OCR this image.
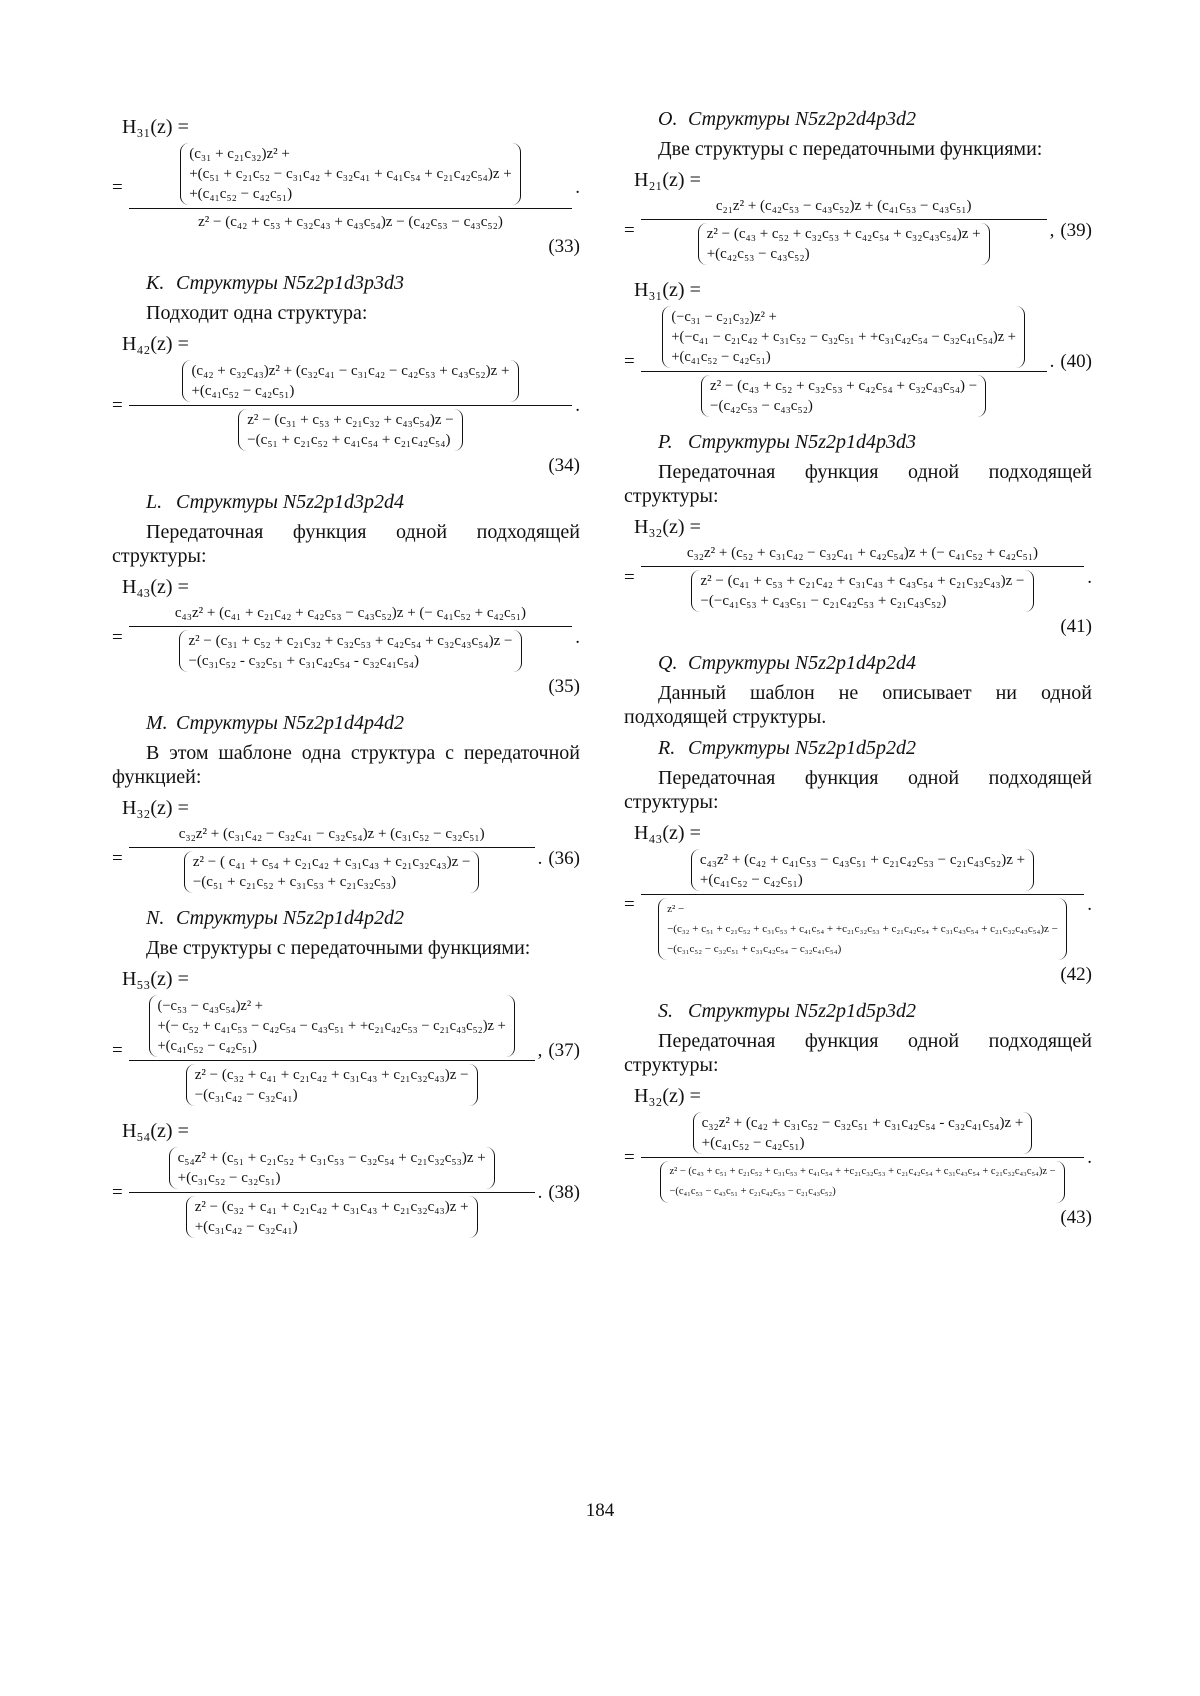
H₃₁(z) =
=
(c₃₁ + c₂₁c₃₂)z² +
+(c₅₁ + c₂₁c₅₂ − c₃₁c₄₂ + c₃₂c₄₁ + c₄₁c₅₄ + c₂₁c₄₂c₅₄)z +
+(c₄₁c₅₂ − c₄₂c₅₁)
z² − (c₄₂ + c₅₃ + c₃₂c₄₃ + c₄₃c₅₄)z − (c₄₂c₅₃ − c₄₃c₅₂)
.
(33)
K. Структуры N5z2p1d3p3d3

Подходит одна структура:

H₄₂(z) =
=
(c₄₂ + c₃₂c₄₃)z² + (c₃₂c₄₁ − c₃₁c₄₂ − c₄₂c₅₃ + c₄₃c₅₂)z +
+(c₄₁c₅₂ − c₄₂c₅₁)
z² − (c₃₁ + c₅₃ + c₂₁c₃₂ + c₄₃c₅₄)z −
−(c₅₁ + c₂₁c₅₂ + c₄₁c₅₄ + c₂₁c₄₂c₅₄)
.
(34)
L. Структуры N5z2p1d3p2d4

Передаточная функция одной подходящей структуры:

H₄₃(z) =
=
c₄₃z² + (c₄₁ + c₂₁c₄₂ + c₄₂c₅₃ − c₄₃c₅₂)z + (− c₄₁c₅₂ + c₄₂c₅₁)
z² − (c₃₁ + c₅₂ + c₂₁c₃₂ + c₃₂c₅₃ + c₄₂c₅₄ + c₃₂c₄₃c₅₄)z −
−(c₃₁c₅₂ - c₃₂c₅₁ + c₃₁c₄₂c₅₄ - c₃₂c₄₁c₅₄)
.
(35)
M. Структуры N5z2p1d4p4d2

В этом шаблоне одна структура с передаточной функцией:

H₃₂(z) =
=
c₃₂z² + (c₃₁c₄₂ − c₃₂c₄₁ − c₃₂c₅₄)z + (c₃₁c₅₂ − c₃₂c₅₁)
z² − ( c₄₁ + c₅₄ + c₂₁c₄₂ + c₃₁c₄₃ + c₂₁c₃₂c₄₃)z −
−(c₅₁ + c₂₁c₅₂ + c₃₁c₅₃ + c₂₁c₃₂c₅₃)
. (36)
N. Структуры N5z2p1d4p2d2

Две структуры с передаточными функциями:

H₅₃(z) =
=
(−c₅₃ − c₄₃c₅₄)z² +
+(− c₅₂ + c₄₁c₅₃ − c₄₂c₅₄ − c₄₃c₅₁ + +c₂₁c₄₂c₅₃ − c₂₁c₄₃c₅₂)z +
+(c₄₁c₅₂ − c₄₂c₅₁)
z² − (c₃₂ + c₄₁ + c₂₁c₄₂ + c₃₁c₄₃ + c₂₁c₃₂c₄₃)z −
−(c₃₁c₄₂ − c₃₂c₄₁)
, (37)
H₅₄(z) =
=
c₅₄z² + (c₅₁ + c₂₁c₅₂ + c₃₁c₅₃ − c₃₂c₅₄ + c₂₁c₃₂c₅₃)z +
+(c₃₁c₅₂ − c₃₂c₅₁)
z² − (c₃₂ + c₄₁ + c₂₁c₄₂ + c₃₁c₄₃ + c₂₁c₃₂c₄₃)z +
+(c₃₁c₄₂ − c₃₂c₄₁)
. (38)
O. Структуры N5z2p2d4p3d2

Две структуры с передаточными функциями:

H₂₁(z) =
=
c₂₁z² + (c₄₂c₅₃ − c₄₃c₅₂)z + (c₄₁c₅₃ − c₄₃c₅₁)
z² − (c₄₃ + c₅₂ + c₃₂c₅₃ + c₄₂c₅₄ + c₃₂c₄₃c₅₄)z +
+(c₄₂c₅₃ − c₄₃c₅₂)
, (39)
H₃₁(z) =
=
(−c₃₁ − c₂₁c₃₂)z² +
+(−c₄₁ − c₂₁c₄₂ + c₃₁c₅₂ − c₃₂c₅₁ + +c₃₁c₄₂c₅₄ − c₃₂c₄₁c₅₄)z +
+(c₄₁c₅₂ − c₄₂c₅₁)
z² − (c₄₃ + c₅₂ + c₃₂c₅₃ + c₄₂c₅₄ + c₃₂c₄₃c₅₄) −
−(c₄₂c₅₃ − c₄₃c₅₂)
. (40)
P. Структуры N5z2p1d4p3d3

Передаточная функция одной подходящей структуры:

H₃₂(z) =
=
c₃₂z² + (c₅₂ + c₃₁c₄₂ − c₃₂c₄₁ + c₄₂c₅₄)z + (− c₄₁c₅₂ + c₄₂c₅₁)
z² − (c₄₁ + c₅₃ + c₂₁c₄₂ + c₃₁c₄₃ + c₄₃c₅₄ + c₂₁c₃₂c₄₃)z −
−(−c₄₁c₅₃ + c₄₃c₅₁ − c₂₁c₄₂c₅₃ + c₂₁c₄₃c₅₂)
.
(41)
Q. Структуры N5z2p1d4p2d4

Данный шаблон не описывает ни одной подходящей структуры.

R. Структуры N5z2p1d5p2d2

Передаточная функция одной подходящей структуры:

H₄₃(z) =
=
c₄₃z² + (c₄₂ + c₄₁c₅₃ − c₄₃c₅₁ + c₂₁c₄₂c₅₃ − c₂₁c₄₃c₅₂)z +
+(c₄₁c₅₂ − c₄₂c₅₁)
z² −
−(c₃₂ + c₅₁ + c₂₁c₅₂ + c₃₁c₅₃ + c₄₁c₅₄ + +c₂₁c₃₂c₅₃ + c₂₁c₄₂c₅₄ + c₃₁c₄₃c₅₄ + c₂₁c₃₂c₄₃c₅₄)z −
−(c₃₁c₅₂ − c₃₂c₅₁ + c₃₁c₄₂c₅₄ − c₃₂c₄₁c₅₄)
.
(42)
S. Структуры N5z2p1d5p3d2

Передаточная функция одной подходящей структуры:

H₃₂(z) =
=
c₃₂z² + (c₄₂ + c₃₁c₅₂ − c₃₂c₅₁ + c₃₁c₄₂c₅₄ - c₃₂c₄₁c₅₄)z +
+(c₄₁c₅₂ − c₄₂c₅₁)
z² − (c₄₃ + c₅₁ + c₂₁c₅₂ + c₃₁c₅₃ + c₄₁c₅₄ + +c₂₁c₃₂c₅₃ + c₂₁c₄₂c₅₄ + c₃₁c₄₃c₅₄ + c₂₁c₃₂c₄₃c₅₄)z −
−(c₄₁c₅₃ − c₄₃c₅₁ + c₂₁c₄₂c₅₃ − c₂₁c₄₃c₅₂)
.
(43)
184
